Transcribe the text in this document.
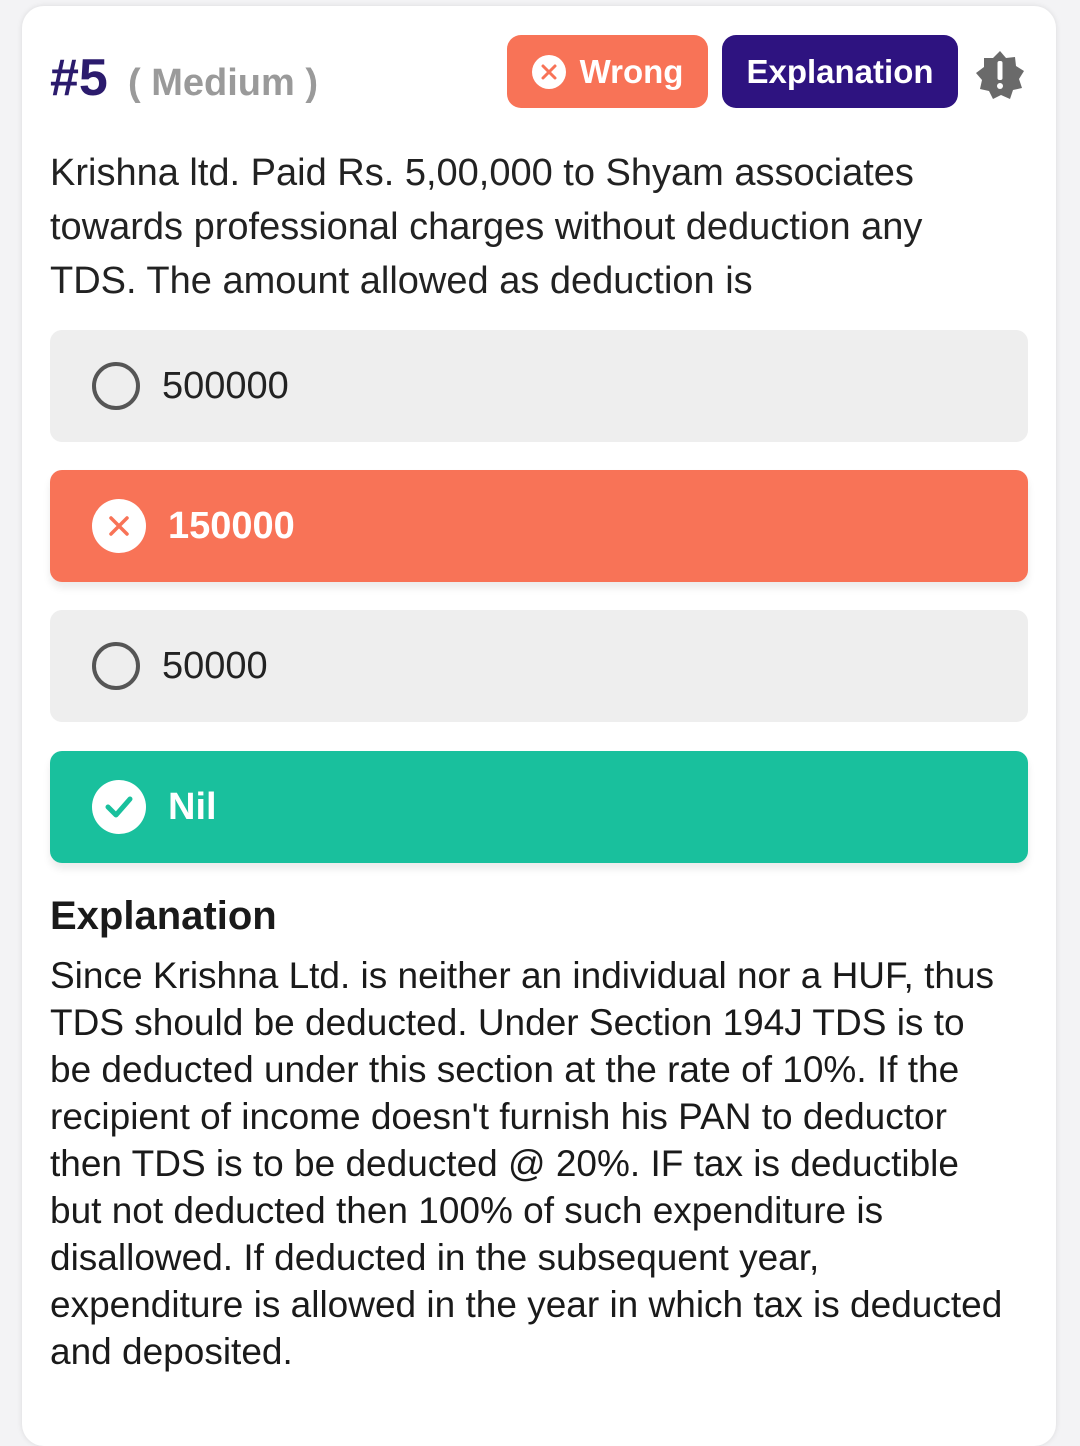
#5 ( Medium )	Wrong	Explanation
Krishna ltd. Paid Rs. 5,00,000 to Shyam associates towards professional charges without deduction any TDS. The amount allowed as deduction is
500000
150000
50000
Nil
Explanation
Since Krishna Ltd. is neither an individual nor a HUF, thus TDS should be deducted. Under Section 194J TDS is to be deducted under this section at the rate of 10%. If the recipient of income doesn't furnish his PAN to deductor then TDS is to be deducted @ 20%. IF tax is deductible but not deducted then 100% of such expenditure is disallowed. If deducted in the subsequent year, expenditure is allowed in the year in which tax is deducted and deposited.
